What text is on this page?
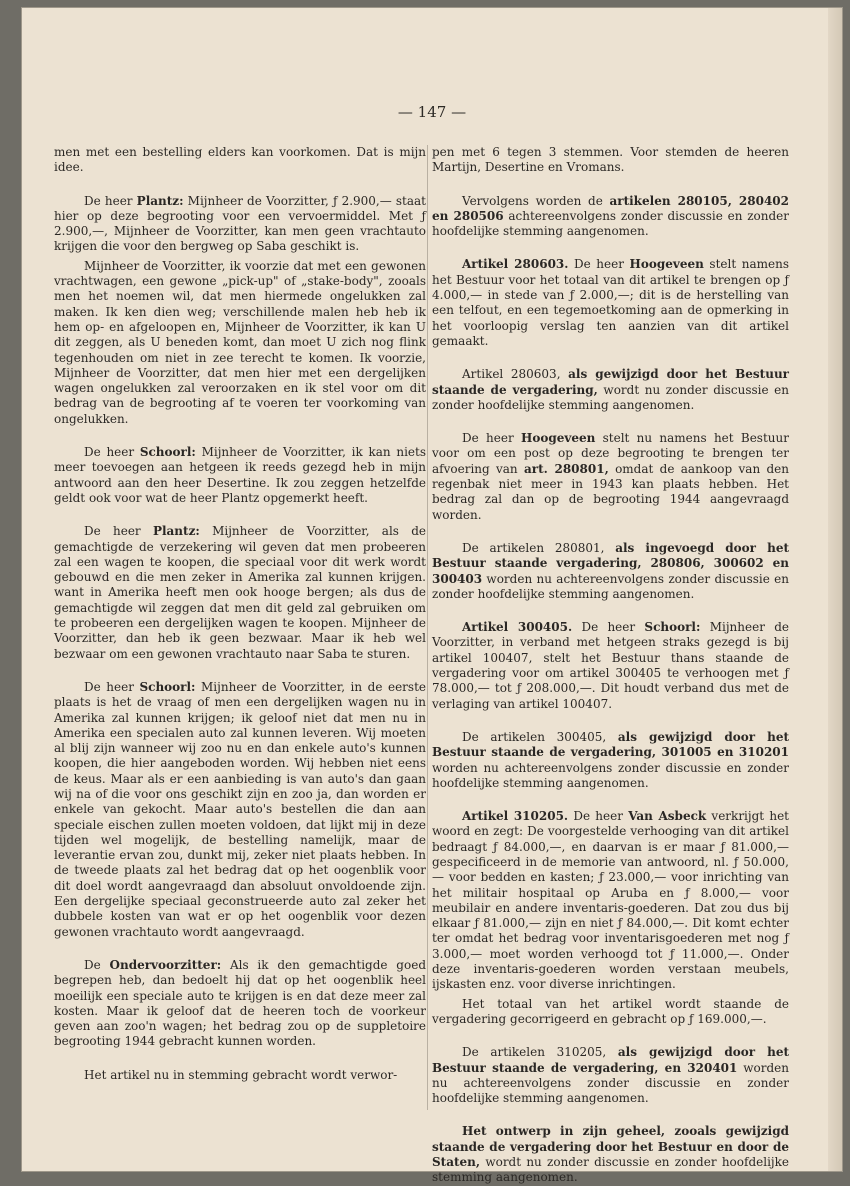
— 147 —

men met een bestelling elders kan voorkomen. Dat is mijn idee.

De heer Plantz: Mijnheer de Voorzitter, ƒ 2.900,— staat hier op deze begrooting voor een vervoermiddel. Met ƒ 2.900,—, Mijnheer de Voorzitter, kan men geen vrachtauto krijgen die voor den bergweg op Saba geschikt is.

Mijnheer de Voorzitter, ik voorzie dat met een gewonen vrachtwagen, een gewone „pick-up" of „stake-body", zooals men het noemen wil, dat men hiermede ongelukken zal maken. Ik ken dien weg; verschillende malen heb heb ik hem op- en afgeloopen en, Mijnheer de Voorzitter, ik kan U dit zeggen, als U beneden komt, dan moet U zich nog flink tegenhouden om niet in zee terecht te komen. Ik voorzie, Mijnheer de Voorzitter, dat men hier met een dergelijken wagen ongelukken zal veroorzaken en ik stel voor om dit bedrag van de begrooting af te voeren ter voorkoming van ongelukken.

De heer Schoorl: Mijnheer de Voorzitter, ik kan niets meer toevoegen aan hetgeen ik reeds gezegd heb in mijn antwoord aan den heer Desertine. Ik zou zeggen hetzelfde geldt ook voor wat de heer Plantz opgemerkt heeft.

De heer Plantz: Mijnheer de Voorzitter, als de gemachtigde de verzekering wil geven dat men probeeren zal een wagen te koopen, die speciaal voor dit werk wordt gebouwd en die men zeker in Amerika zal kunnen krijgen. want in Amerika heeft men ook hooge bergen; als dus de gemachtigde wil zeggen dat men dit geld zal gebruiken om te probeeren een dergelijken wagen te koopen. Mijnheer de Voorzitter, dan heb ik geen bezwaar. Maar ik heb wel bezwaar om een gewonen vrachtauto naar Saba te sturen.

De heer Schoorl: Mijnheer de Voorzitter, in de eerste plaats is het de vraag of men een dergelijken wagen nu in Amerika zal kunnen krijgen; ik geloof niet dat men nu in Amerika een specialen auto zal kunnen leveren. Wij moeten al blij zijn wanneer wij zoo nu en dan enkele auto's kunnen koopen, die hier aangeboden worden. Wij hebben niet eens de keus. Maar als er een aanbieding is van auto's dan gaan wij na of die voor ons geschikt zijn en zoo ja, dan worden er enkele van gekocht. Maar auto's bestellen die dan aan speciale eischen zullen moeten voldoen, dat lijkt mij in deze tijden wel mogelijk, de bestelling namelijk, maar de leverantie ervan zou, dunkt mij, zeker niet plaats hebben. In de tweede plaats zal het bedrag dat op het oogenblik voor dit doel wordt aangevraagd dan absoluut onvoldoende zijn. Een dergelijke speciaal geconstrueerde auto zal zeker het dubbele kosten van wat er op het oogenblik voor dezen gewonen vrachtauto wordt aangevraagd.

De Ondervoorzitter: Als ik den gemachtigde goed begrepen heb, dan bedoelt hij dat op het oogenblik heel moeilijk een speciale auto te krijgen is en dat deze meer zal kosten. Maar ik geloof dat de heeren toch de voorkeur geven aan zoo'n wagen; het bedrag zou op de suppletoire begrooting 1944 gebracht kunnen worden.

Het artikel nu in stemming gebracht wordt verwor-

pen met 6 tegen 3 stemmen. Voor stemden de heeren Martijn, Desertine en Vromans.

Vervolgens worden de artikelen 280105, 280402 en 280506 achtereenvolgens zonder discussie en zonder hoofdelijke stemming aangenomen.

Artikel 280603. De heer Hoogeveen stelt namens het Bestuur voor het totaal van dit artikel te brengen op ƒ 4.000,— in stede van ƒ 2.000,—; dit is de herstelling van een telfout, en een tegemoetkoming aan de opmerking in het voorloopig verslag ten aanzien van dit artikel gemaakt.

Artikel 280603, als gewijzigd door het Bestuur staande de vergadering, wordt nu zonder discussie en zonder hoofdelijke stemming aangenomen.

De heer Hoogeveen stelt nu namens het Bestuur voor om een post op deze begrooting te brengen ter afvoering van art. 280801, omdat de aankoop van den regenbak niet meer in 1943 kan plaats hebben. Het bedrag zal dan op de begrooting 1944 aangevraagd worden.

De artikelen 280801, als ingevoegd door het Bestuur staande vergadering, 280806, 300602 en 300403 worden nu achtereenvolgens zonder discussie en zonder hoofdelijke stemming aangenomen.

Artikel 300405. De heer Schoorl: Mijnheer de Voorzitter, in verband met hetgeen straks gezegd is bij artikel 100407, stelt het Bestuur thans staande de vergadering voor om artikel 300405 te verhoogen met ƒ 78.000,— tot ƒ 208.000,—. Dit houdt verband dus met de verlaging van artikel 100407.

De artikelen 300405, als gewijzigd door het Bestuur staande de vergadering, 301005 en 310201 worden nu achtereenvolgens zonder discussie en zonder hoofdelijke stemming aangenomen.

Artikel 310205. De heer Van Asbeck verkrijgt het woord en zegt: De voorgestelde verhooging van dit artikel bedraagt ƒ 84.000,—, en daarvan is er maar ƒ 81.000,— gespecificeerd in de memorie van antwoord, nl. ƒ 50.000,— voor bedden en kasten; ƒ 23.000,— voor inrichting van het militair hospitaal op Aruba en ƒ 8.000,— voor meubilair en andere inventaris-goederen. Dat zou dus bij elkaar ƒ 81.000,— zijn en niet ƒ 84.000,—. Dit komt echter ter omdat het bedrag voor inventarisgoederen met nog ƒ 3.000,— moet worden verhoogd tot ƒ 11.000,—. Onder deze inventaris-goederen worden verstaan meubels, ijskasten enz. voor diverse inrichtingen.

Het totaal van het artikel wordt staande de vergadering gecorrigeerd en gebracht op ƒ 169.000,—.

De artikelen 310205, als gewijzigd door het Bestuur staande de vergadering, en 320401 worden nu achtereenvolgens zonder discussie en zonder hoofdelijke stemming aangenomen.

Het ontwerp in zijn geheel, zooals gewijzigd staande de vergadering door het Bestuur en door de Staten, wordt nu zonder discussie en zonder hoofdelijke stemming aangenomen.
